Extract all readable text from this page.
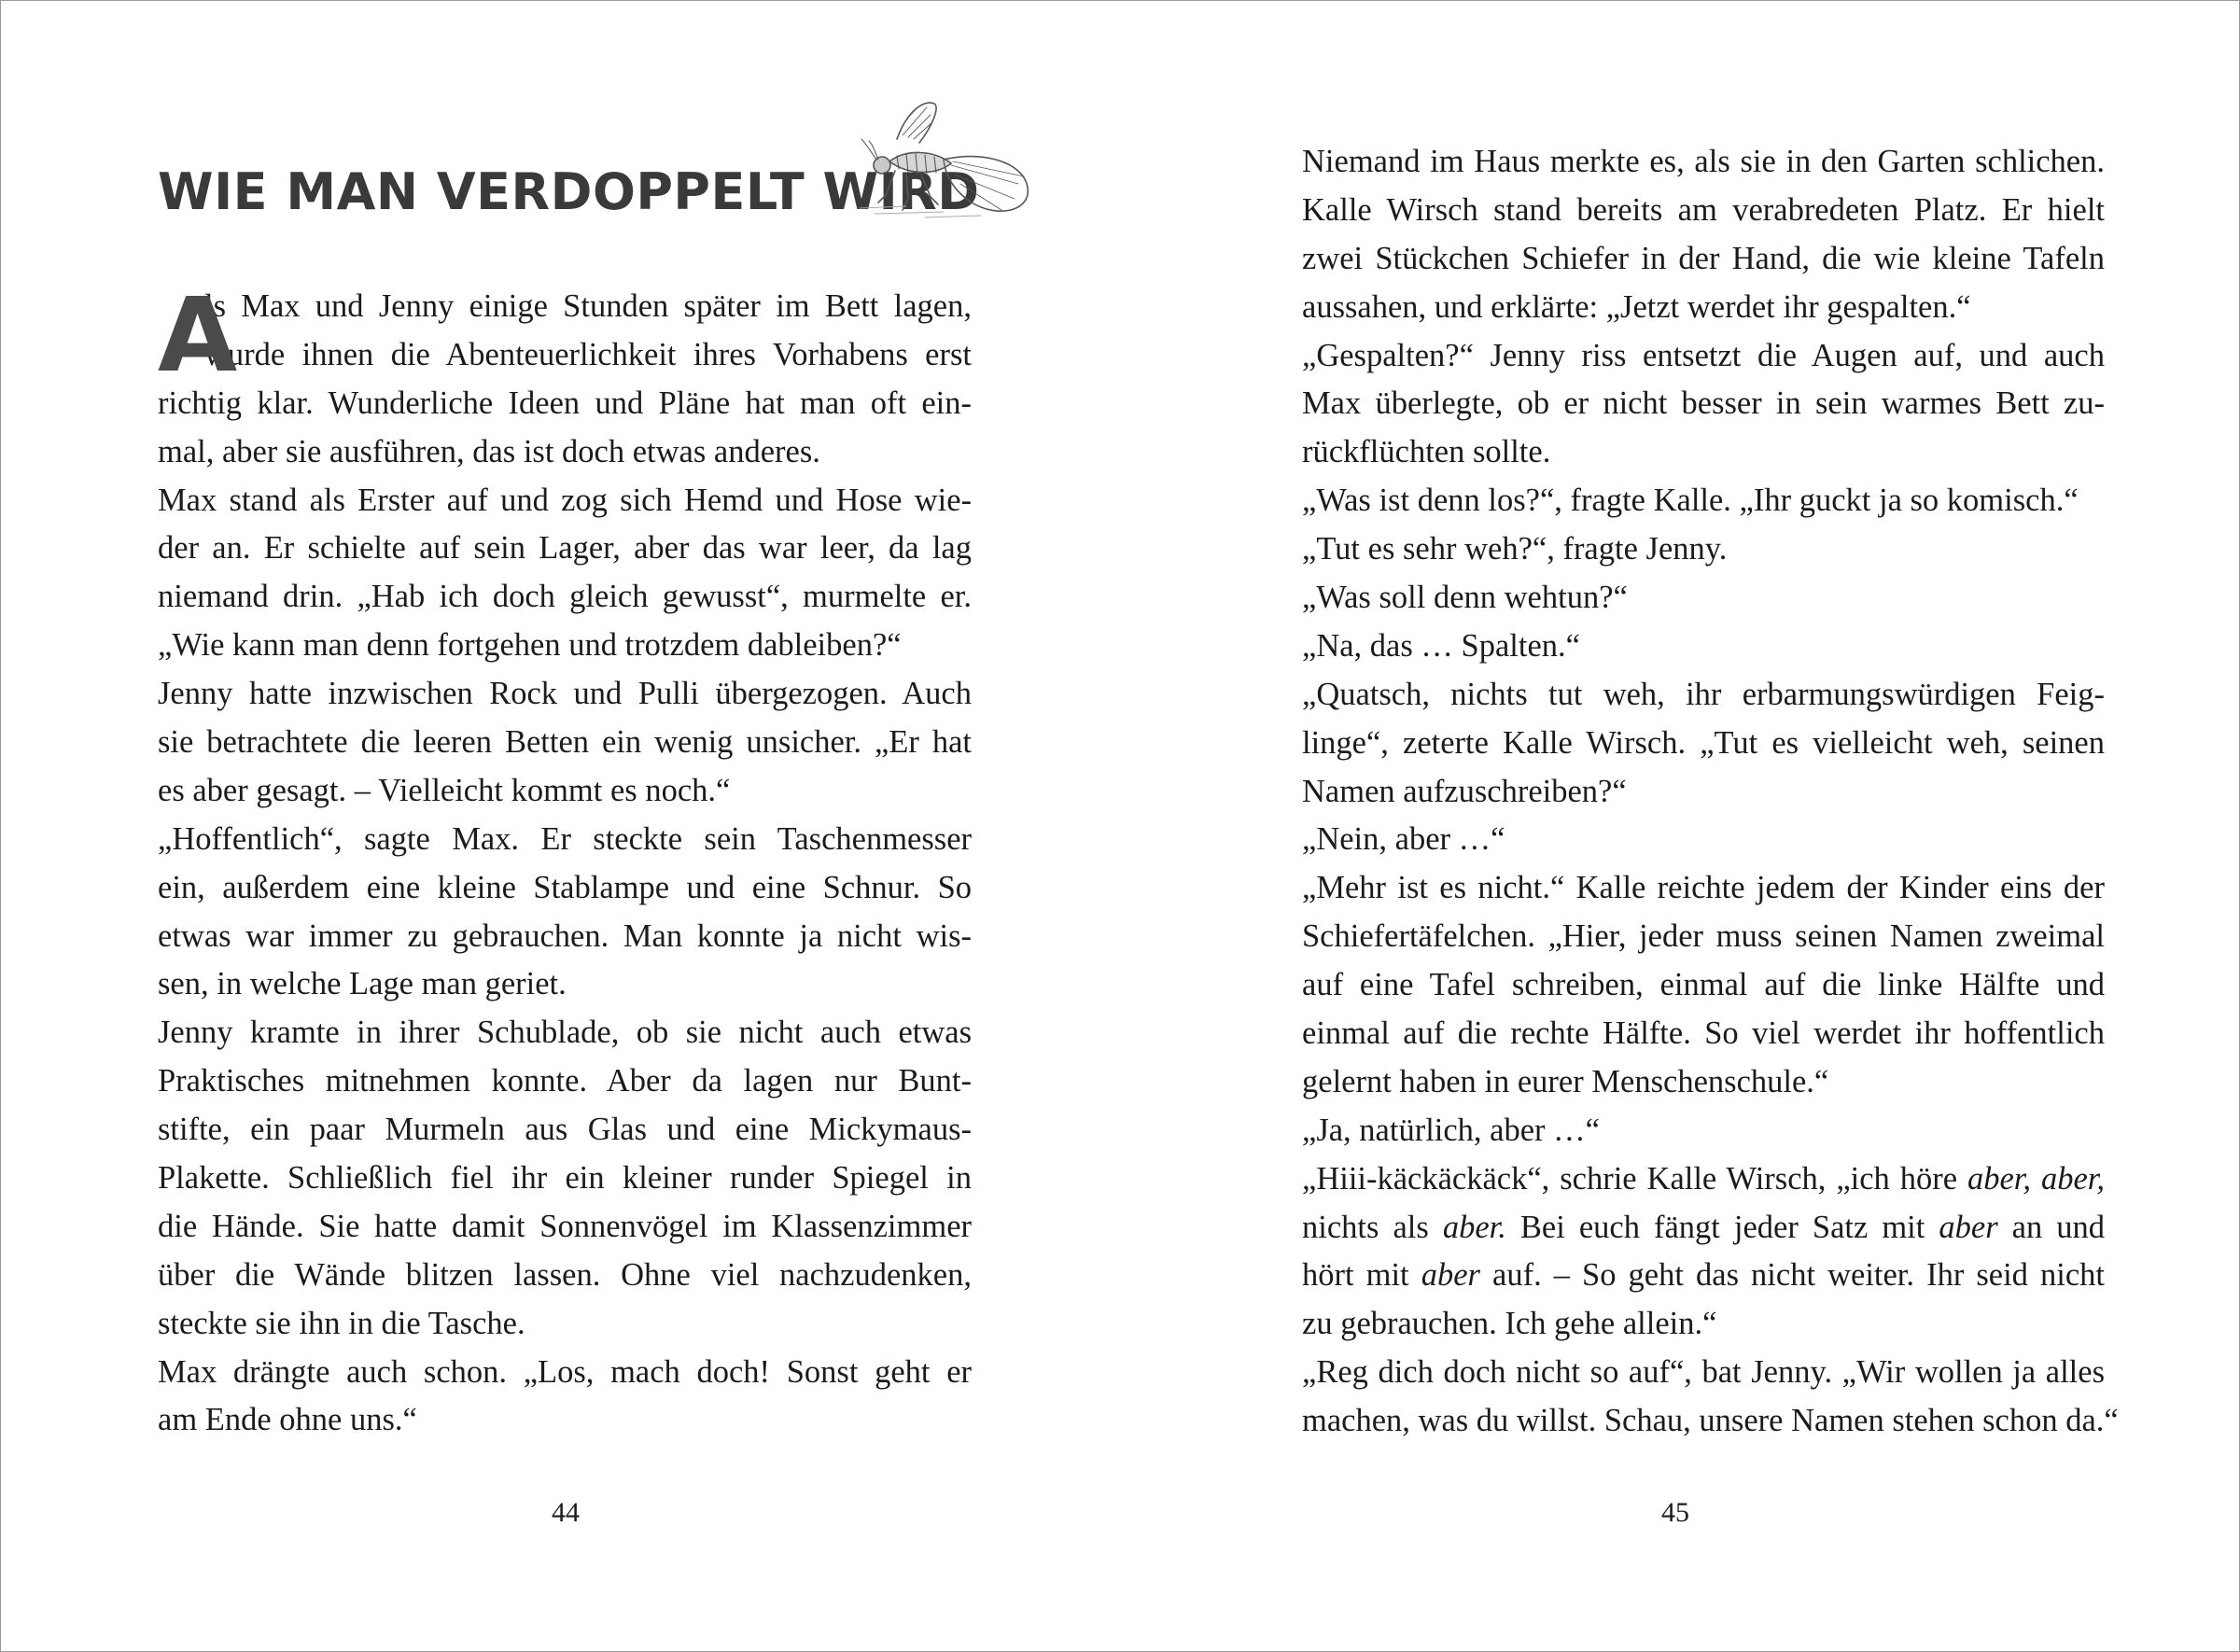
WIE MAN VERDOPPELT WIRD
A
ls Max und Jenny einige Stunden später im Bett lagen,
wurde ihnen die Abenteuerlichkeit ihres Vorhabens erst
richtig klar. Wunderliche Ideen und Pläne hat man oft ein-
mal, aber sie ausführen, das ist doch etwas anderes.
Max stand als Erster auf und zog sich Hemd und Hose wie-
der an. Er schielte auf sein Lager, aber das war leer, da lag
niemand drin. „Hab ich doch gleich gewusst“, murmelte er.
„Wie kann man denn fortgehen und trotzdem dableiben?“
Jenny hatte inzwischen Rock und Pulli übergezogen. Auch
sie betrachtete die leeren Betten ein wenig unsicher. „Er hat
es aber gesagt. – Vielleicht kommt es noch.“
„Hoffentlich“, sagte Max. Er steckte sein Taschenmesser
ein, außerdem eine kleine Stablampe und eine Schnur. So
etwas war immer zu gebrauchen. Man konnte ja nicht wis-
sen, in welche Lage man geriet.
Jenny kramte in ihrer Schublade, ob sie nicht auch etwas
Praktisches mitnehmen konnte. Aber da lagen nur Bunt-
stifte, ein paar Murmeln aus Glas und eine Mickymaus-
Plakette. Schließlich fiel ihr ein kleiner runder Spiegel in
die Hände. Sie hatte damit Sonnenvögel im Klassenzimmer
über die Wände blitzen lassen. Ohne viel nachzudenken,
steckte sie ihn in die Tasche.
Max drängte auch schon. „Los, mach doch! Sonst geht er
am Ende ohne uns.“
44
Niemand im Haus merkte es, als sie in den Garten schlichen.
Kalle Wirsch stand bereits am verabredeten Platz. Er hielt
zwei Stückchen Schiefer in der Hand, die wie kleine Tafeln
aussahen, und erklärte: „Jetzt werdet ihr gespalten.“
„Gespalten?“ Jenny riss entsetzt die Augen auf, und auch
Max überlegte, ob er nicht besser in sein warmes Bett zu-
rückflüchten sollte.
„Was ist denn los?“, fragte Kalle. „Ihr guckt ja so komisch.“
„Tut es sehr weh?“, fragte Jenny.
„Was soll denn wehtun?“
„Na, das … Spalten.“
„Quatsch, nichts tut weh, ihr erbarmungswürdigen Feig-
linge“, zeterte Kalle Wirsch. „Tut es vielleicht weh, seinen
Namen aufzuschreiben?“
„Nein, aber …“
„Mehr ist es nicht.“ Kalle reichte jedem der Kinder eins der
Schiefertäfelchen. „Hier, jeder muss seinen Namen zweimal
auf eine Tafel schreiben, einmal auf die linke Hälfte und
einmal auf die rechte Hälfte. So viel werdet ihr hoffentlich
gelernt haben in eurer Menschenschule.“
„Ja, natürlich, aber …“
„Hiii-käckäckäck“, schrie Kalle Wirsch, „ich höre aber, aber,
nichts als aber. Bei euch fängt jeder Satz mit aber an und
hört mit aber auf. – So geht das nicht weiter. Ihr seid nicht
zu gebrauchen. Ich gehe allein.“
„Reg dich doch nicht so auf“, bat Jenny. „Wir wollen ja alles
machen, was du willst. Schau, unsere Namen stehen schon da.“
45
